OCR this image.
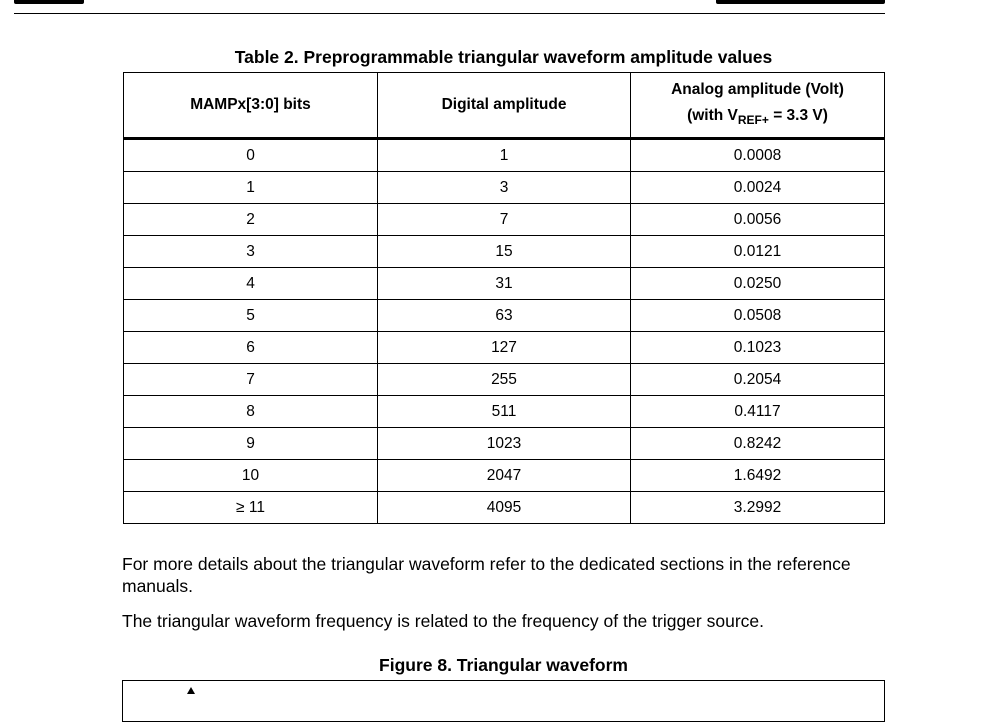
Table 2. Preprogrammable triangular waveform amplitude values
MAMPx[3:0] bits	Digital amplitude	Analog amplitude (Volt)
(with $V_{REF+} = 3.3$ V)

0	1	0.0008
1	3	0.0024
2	7	0.0056
3	15	0.0121
4	31	0.0250
5	63	0.0508
6	127	0.1023
7	255	0.2054
8	511	0.4117
9	1023	0.8242
10	2047	1.6492
≥ 11	4095	3.2992

For more details about the triangular waveform refer to the dedicated sections in the reference manuals.

The triangular waveform frequency is related to the frequency of the trigger source.

Figure 8. Triangular waveform
